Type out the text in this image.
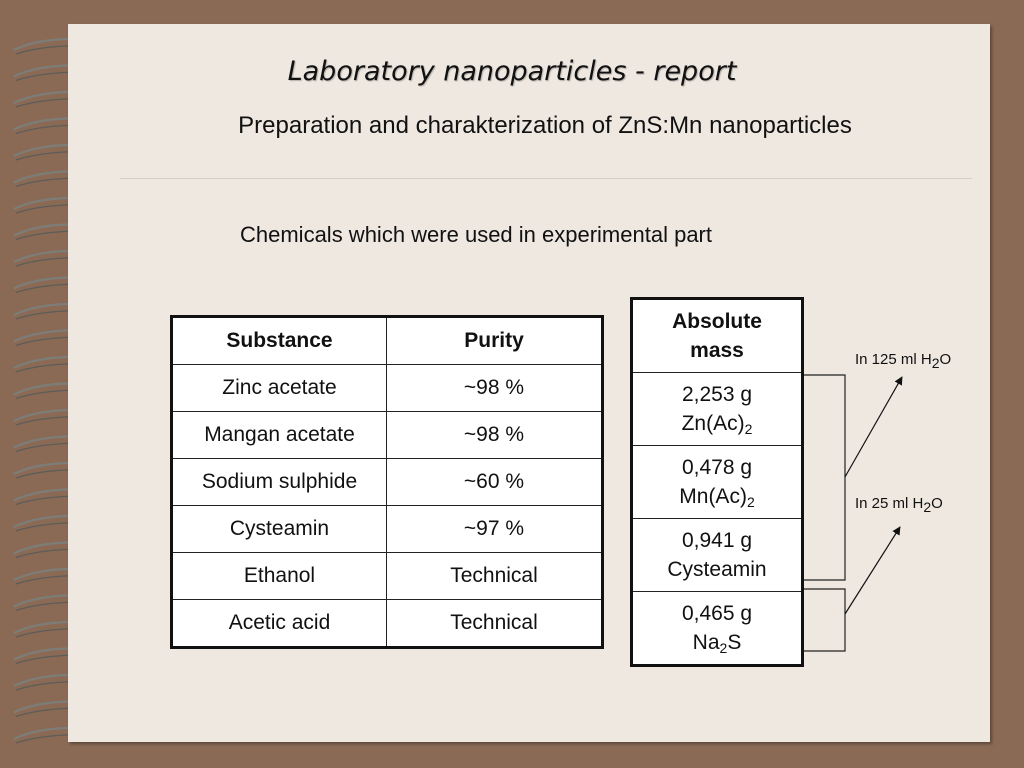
Laboratory nanoparticles - report
Preparation and charakterization of ZnS:Mn nanoparticles
Chemicals which were used in experimental part
Substance	Purity
Zinc acetate	~98 %
Mangan acetate	~98 %
Sodium sulphide	~60 %
Cysteamin	~97 %
Ethanol	Technical
Acetic acid	Technical
Absolute
mass
2,253 g
$Zn(Ac)_2$
0,478 g
$Mn(Ac)_2$
0,941 g
Cysteamin
0,465 g
$Na_2S$
In 125 ml $H_2O$
In 25 ml $H_2O$
